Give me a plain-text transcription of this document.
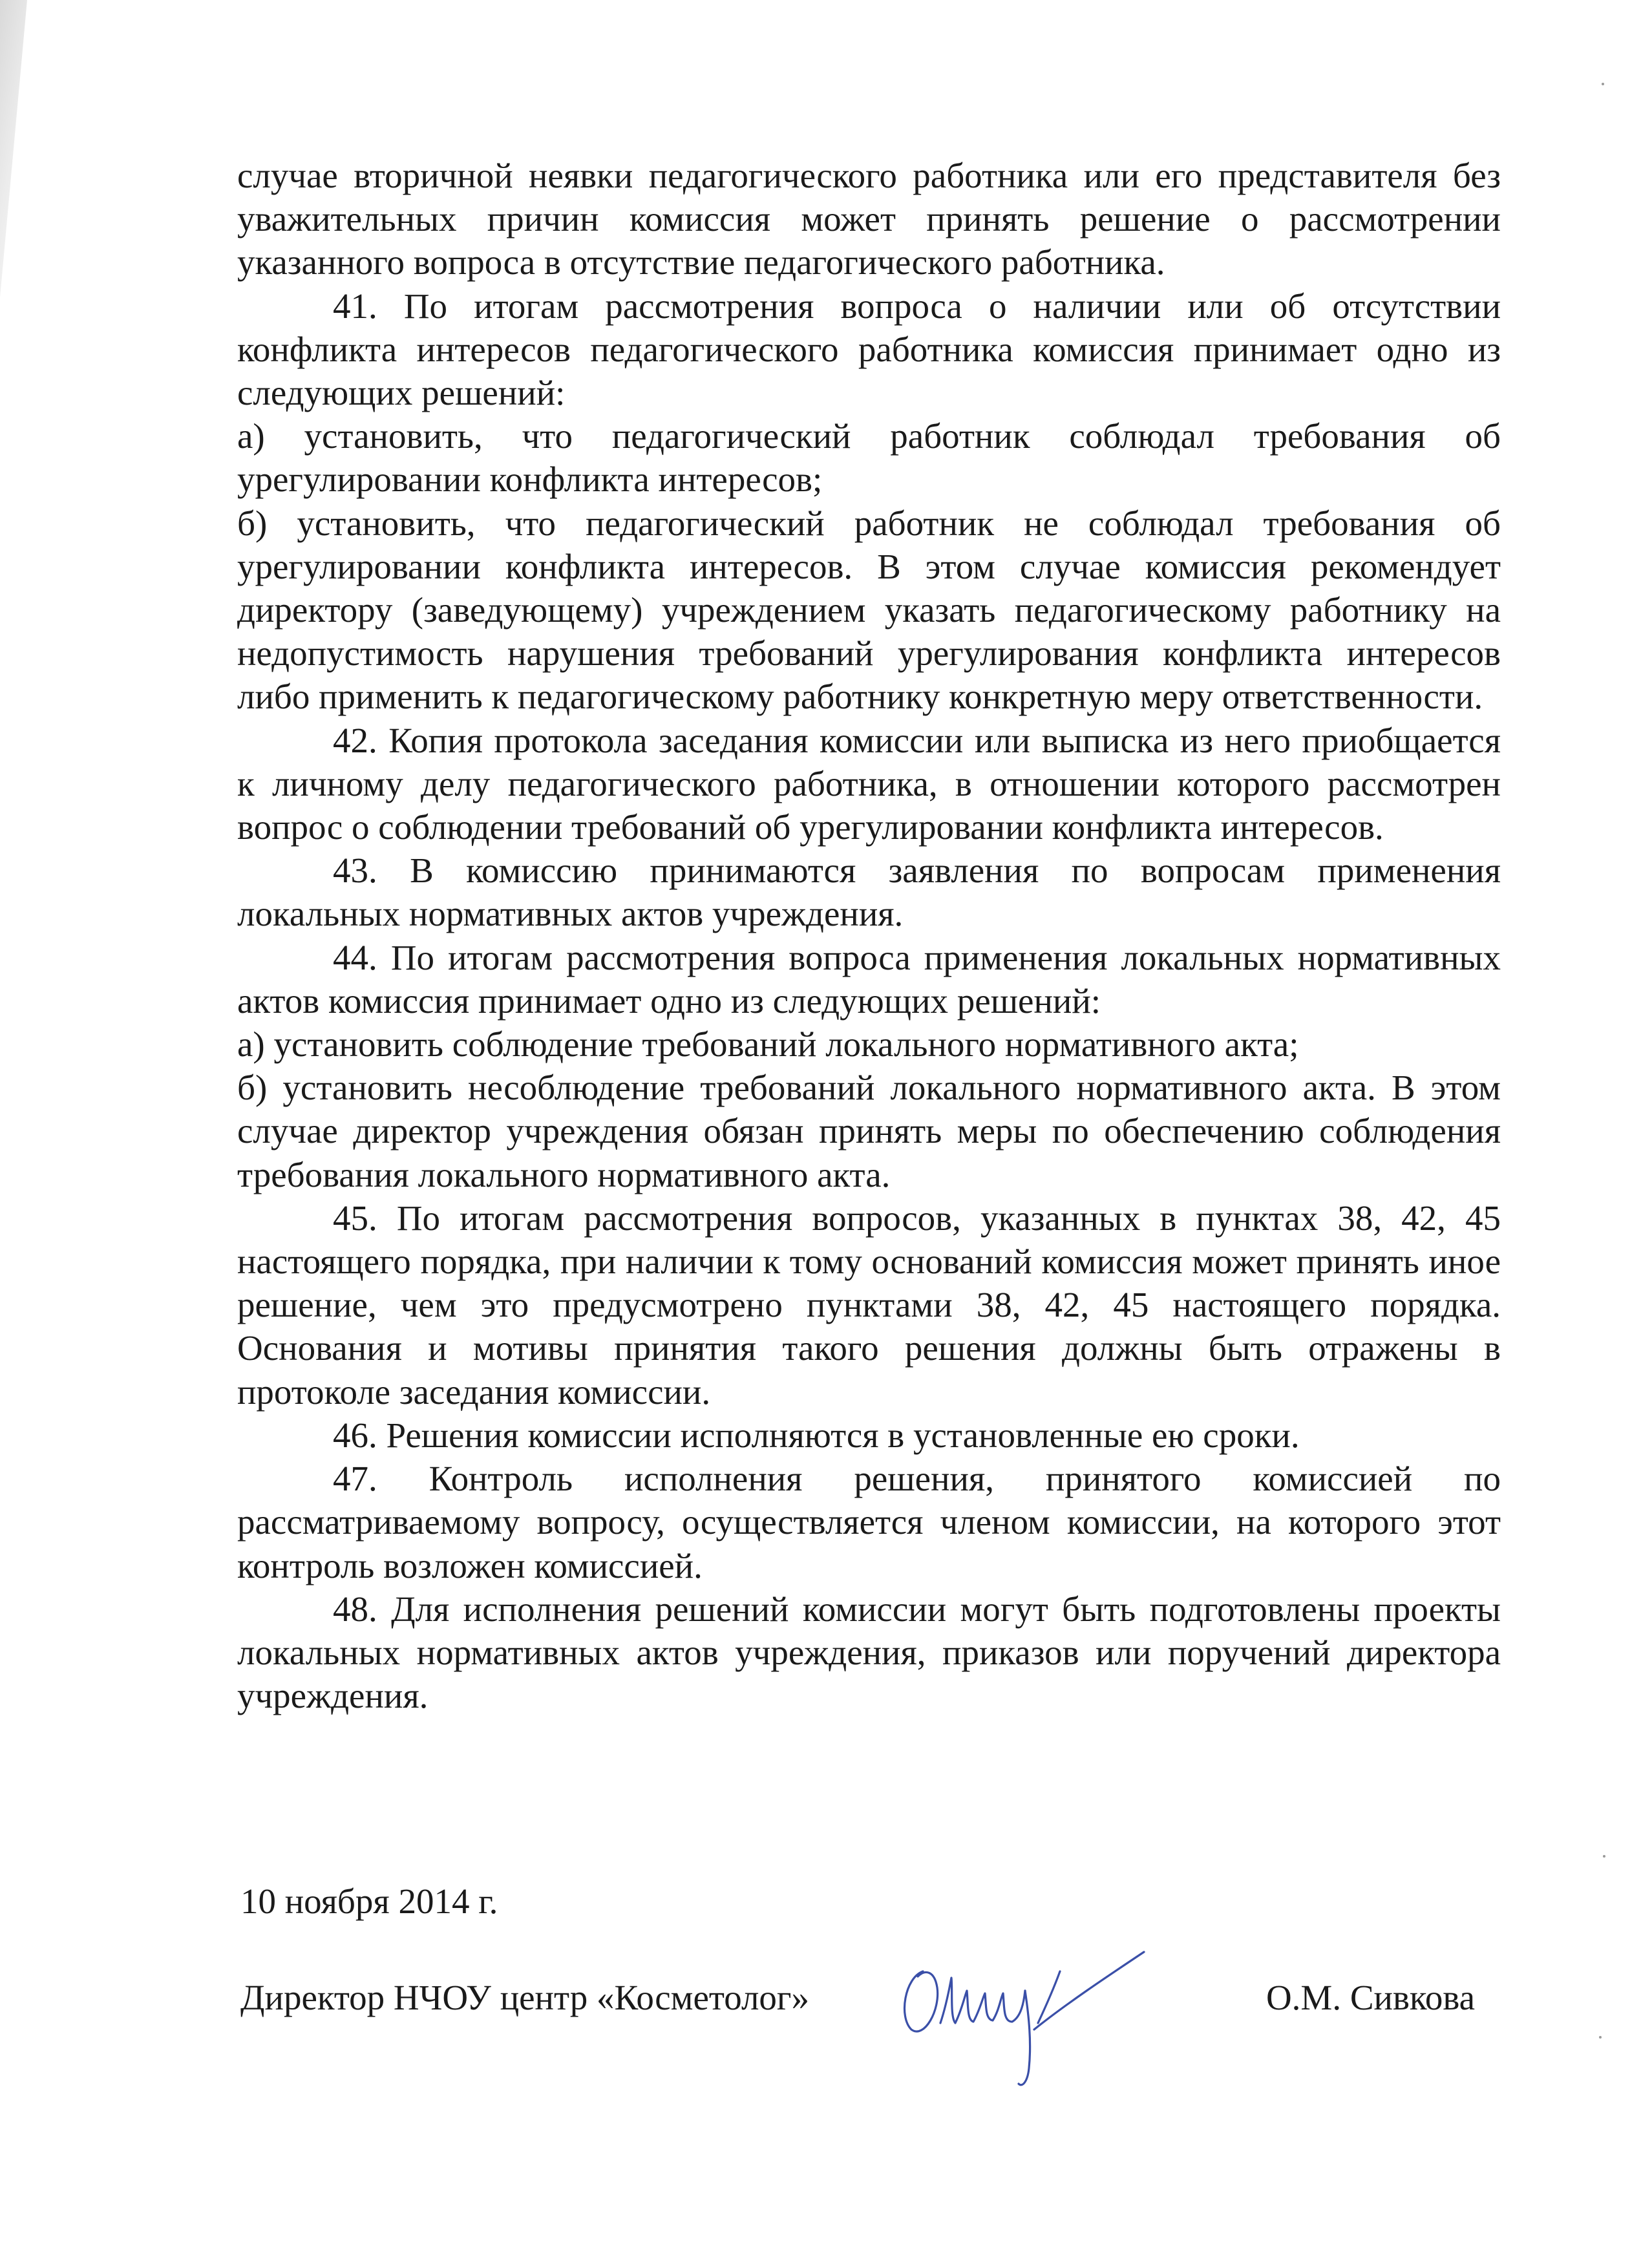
случае вторичной неявки педагогического работника или его представителя без уважительных причин комиссия может принять решение о рассмотрении указанного вопроса в отсутствие педагогического работника.

41. По итогам рассмотрения вопроса о наличии или об отсутствии конфликта интересов педагогического работника комиссия принимает одно из следующих решений:

а) установить, что педагогический работник соблюдал требования об урегулировании конфликта интересов;

б) установить, что педагогический работник не соблюдал требования об урегулировании конфликта интересов. В этом случае комиссия рекомендует директору (заведующему) учреждением указать педагогическому работнику на недопустимость нарушения требований урегулирования конфликта интересов либо применить к педагогическому работнику конкретную меру ответственности.

42. Копия протокола заседания комиссии или выписка из него приобщается к личному делу педагогического работника, в отношении которого рассмотрен вопрос о соблюдении требований об урегулировании конфликта интересов.

43. В комиссию принимаются заявления по вопросам применения локальных нормативных актов учреждения.

44. По итогам рассмотрения вопроса применения локальных нормативных актов комиссия принимает одно из следующих решений:

а) установить соблюдение требований локального нормативного акта;

б) установить несоблюдение требований локального нормативного акта. В этом случае директор учреждения обязан принять меры по обеспечению соблюдения требования локального нормативного акта.

45. По итогам рассмотрения вопросов, указанных в пунктах 38, 42, 45 настоящего порядка, при наличии к тому оснований комиссия может принять иное решение, чем это предусмотрено пунктами 38, 42, 45 настоящего порядка. Основания и мотивы принятия такого решения должны быть отражены в протоколе заседания комиссии.

46. Решения комиссии исполняются в установленные ею сроки.

47. Контроль исполнения решения, принятого комиссией по рассматриваемому вопросу, осуществляется членом комиссии, на которого этот контроль возложен комиссией.

48. Для исполнения решений комиссии могут быть подготовлены проекты локальных нормативных актов учреждения, приказов или поручений директора учреждения.

10 ноября 2014 г.
Директор НЧОУ центр «Косметолог»	О.М. Сивкова
